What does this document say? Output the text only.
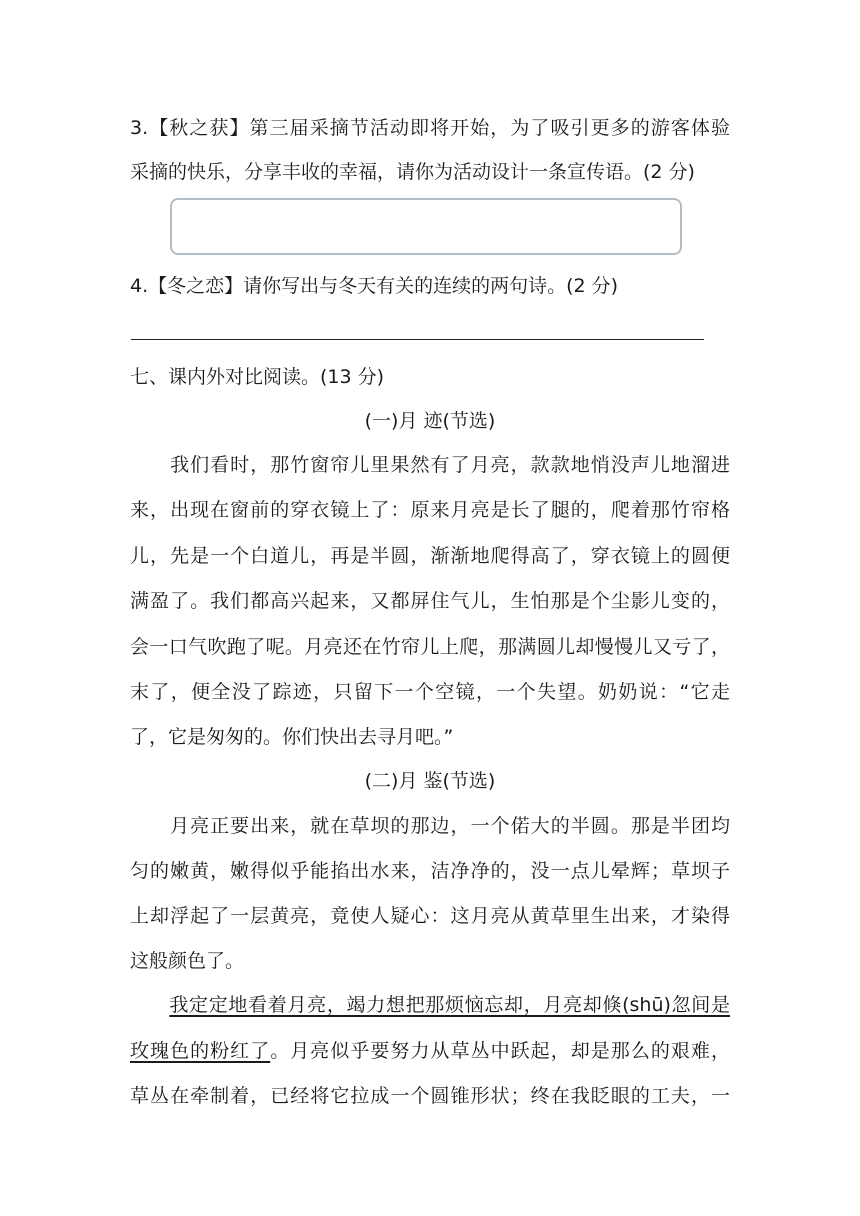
3.【秋之获】第三届采摘节活动即将开始，为了吸引更多的游客体验
采摘的快乐，分享丰收的幸福，请你为活动设计一条宣传语。(2 分)
4.【冬之恋】请你写出与冬天有关的连续的两句诗。(2 分)
七、课内外对比阅读。(13 分)
(一)月 迹(节选)
　　我们看时，那竹窗帘儿里果然有了月亮，款款地悄没声儿地溜进
来，出现在窗前的穿衣镜上了：原来月亮是长了腿的，爬着那竹帘格
儿，先是一个白道儿，再是半圆，渐渐地爬得高了，穿衣镜上的圆便
满盈了。我们都高兴起来，又都屏住气儿，生怕那是个尘影儿变的，
会一口气吹跑了呢。月亮还在竹帘儿上爬，那满圆儿却慢慢儿又亏了，
末了，便全没了踪迹，只留下一个空镜，一个失望。奶奶说：“它走
了，它是匆匆的。你们快出去寻月吧。”
(二)月 鉴(节选)
　　月亮正要出来，就在草坝的那边，一个偌大的半圆。那是半团均
匀的嫩黄，嫩得似乎能掐出水来，洁净净的，没一点儿晕辉；草坝子
上却浮起了一层黄亮，竟使人疑心：这月亮从黄草里生出来，才染得
这般颜色了。
　　我定定地看着月亮，竭力想把那烦恼忘却，月亮却倏(shū)忽间是
玫瑰色的粉红了。月亮似乎要努力从草丛中跃起，却是那么的艰难，
草丛在牵制着，已经将它拉成一个圆锥形状；终在我眨眼的工夫，一
